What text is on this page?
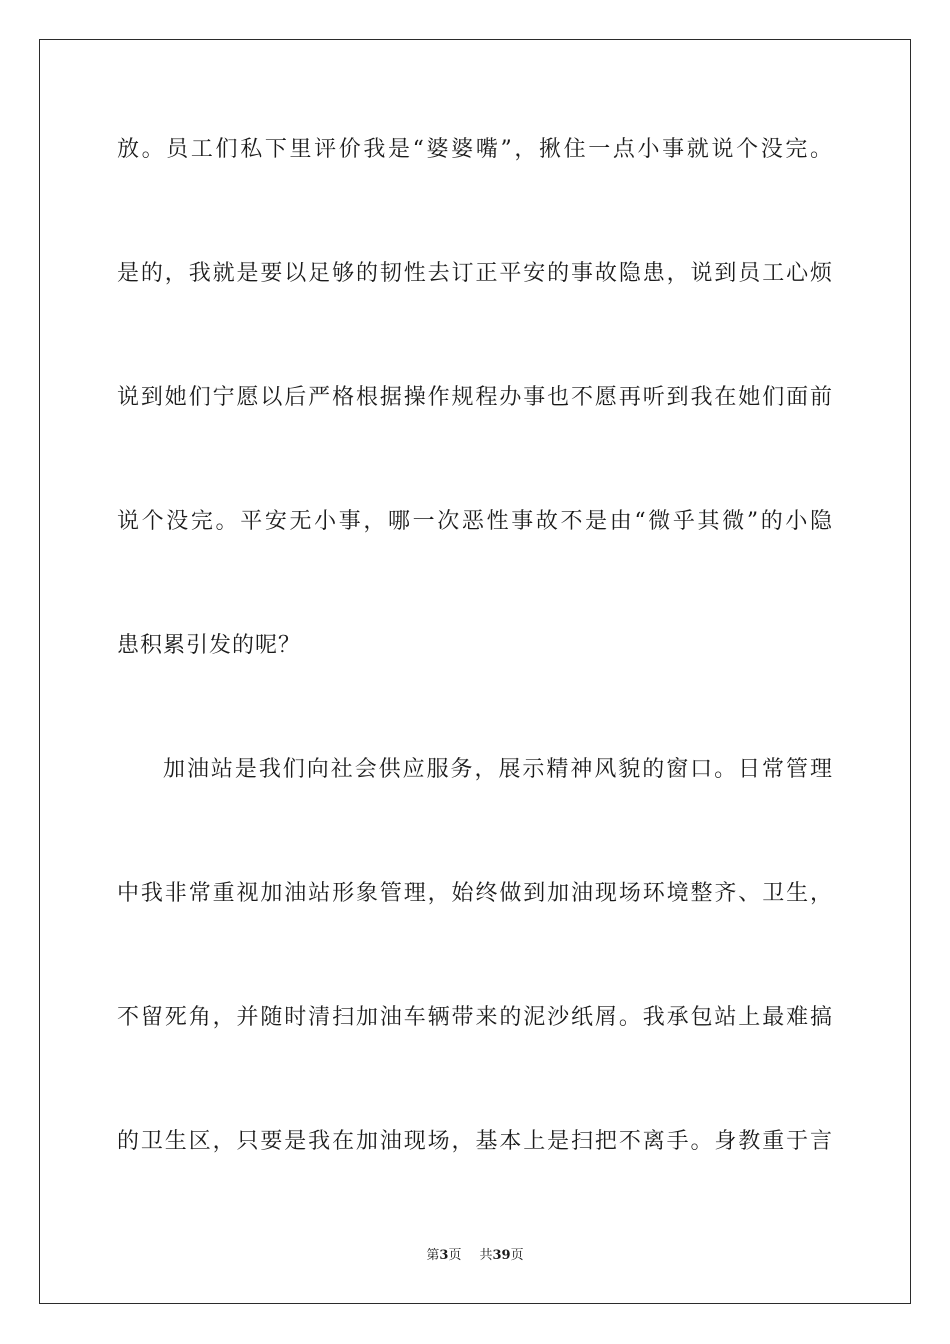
放。员工们私下里评价我是“婆婆嘴”，揪住一点小事就说个没完。
是的，我就是要以足够的韧性去订正平安的事故隐患，说到员工心烦
说到她们宁愿以后严格根据操作规程办事也不愿再听到我在她们面前
说个没完。平安无小事，哪一次恶性事故不是由“微乎其微”的小隐
患积累引发的呢？
加油站是我们向社会供应服务，展示精神风貌的窗口。日常管理
中我非常重视加油站形象管理，始终做到加油现场环境整齐、卫生，
不留死角，并随时清扫加油车辆带来的泥沙纸屑。我承包站上最难搞
的卫生区，只要是我在加油现场，基本上是扫把不离手。身教重于言
第3页 共39页
